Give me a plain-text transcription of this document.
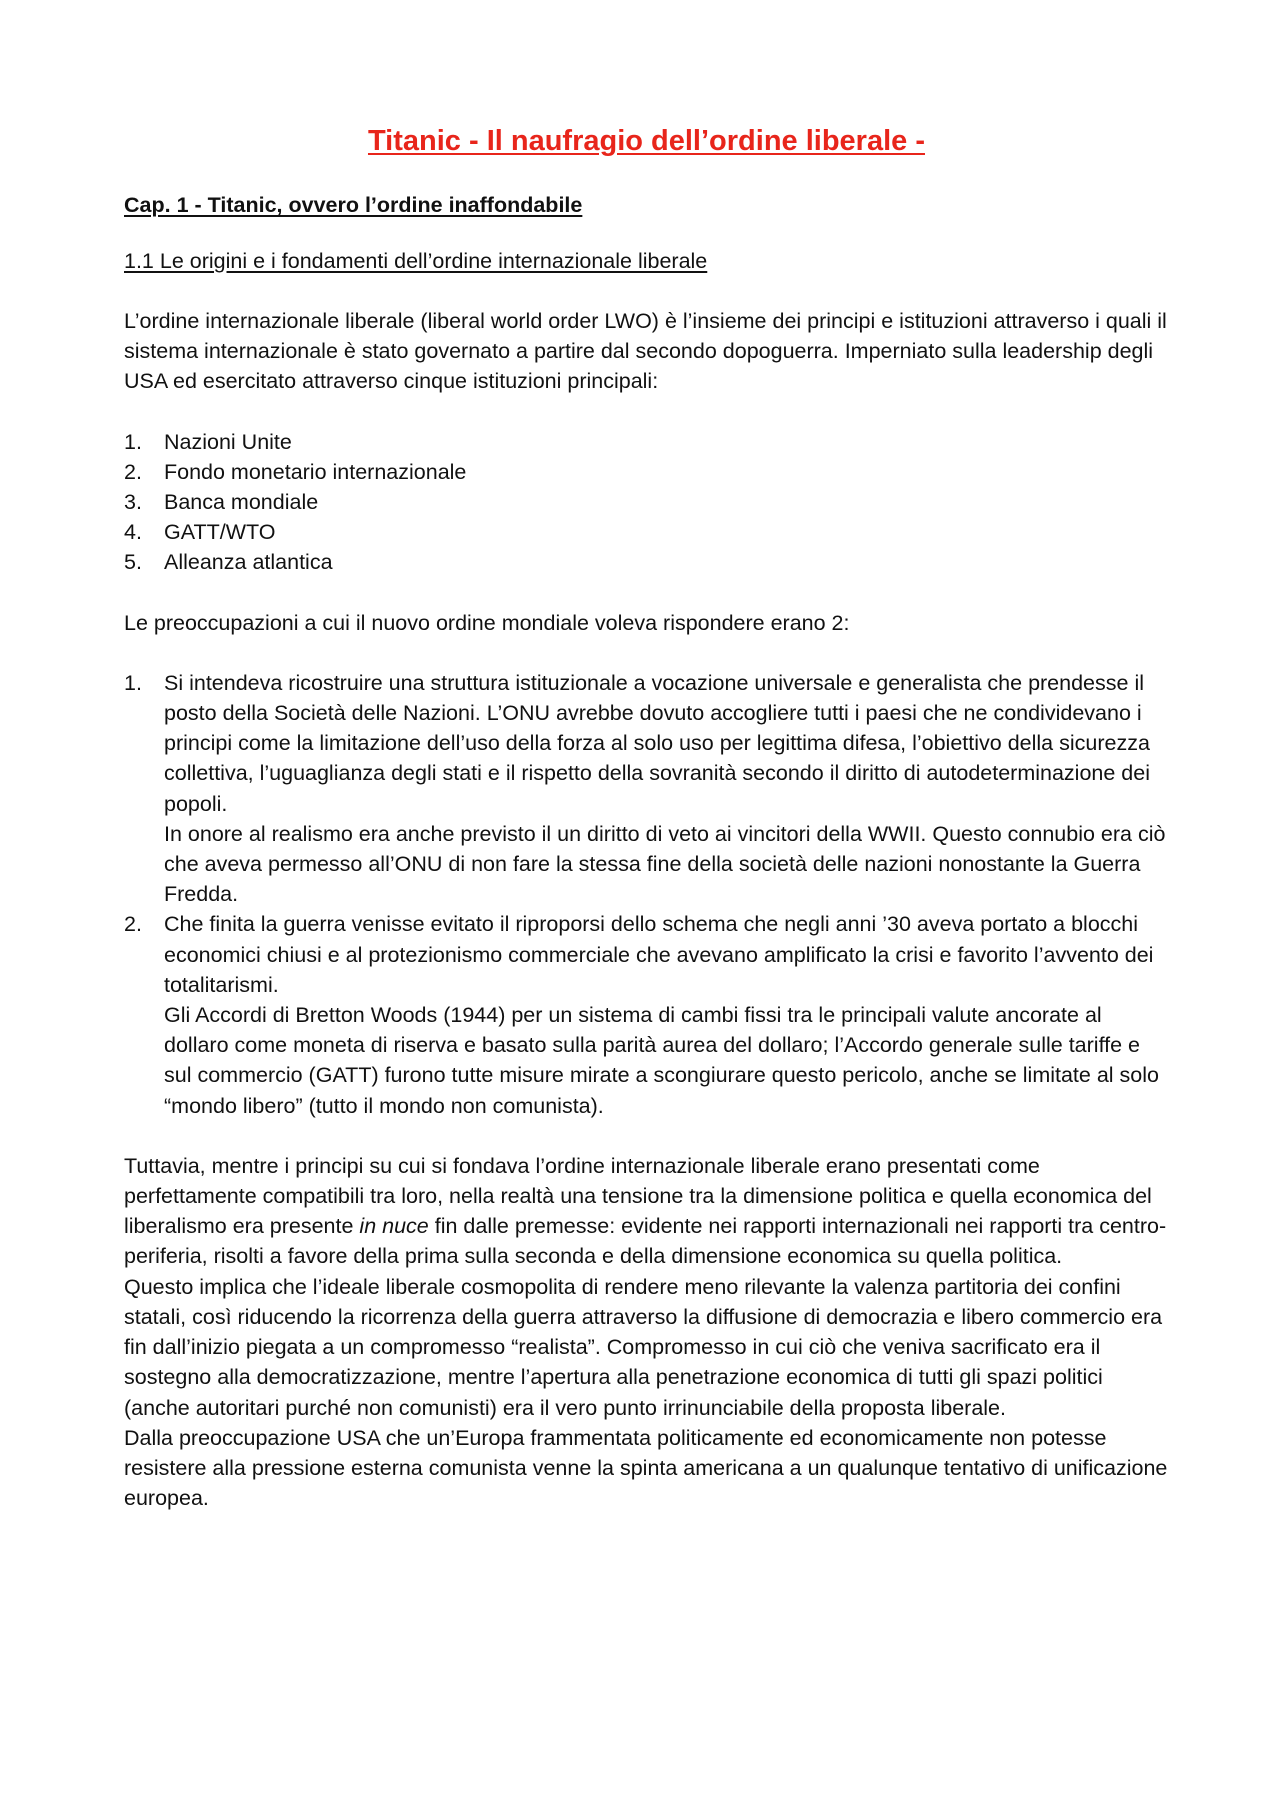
Titanic - Il naufragio dell’ordine liberale -
Cap. 1 - Titanic, ovvero l’ordine inaffondabile
1.1 Le origini e i fondamenti dell’ordine internazionale liberale

L’ordine internazionale liberale (liberal world order LWO) è l’insieme dei principi e istituzioni attraverso i quali il sistema internazionale è stato governato a partire dal secondo dopoguerra. Imperniato sulla leadership degli USA ed esercitato attraverso cinque istituzioni principali:

1. Nazioni Unite
2. Fondo monetario internazionale
3. Banca mondiale
4. GATT/WTO
5. Alleanza atlantica

Le preoccupazioni a cui il nuovo ordine mondiale voleva rispondere erano 2:

1. Si intendeva ricostruire una struttura istituzionale a vocazione universale e generalista che prendesse il posto della Società delle Nazioni. L’ONU avrebbe dovuto accogliere tutti i paesi che ne condividevano i principi come la limitazione dell’uso della forza al solo uso per legittima difesa, l’obiettivo della sicurezza collettiva, l’uguaglianza degli stati e il rispetto della sovranità secondo il diritto di autodeterminazione dei popoli.
In onore al realismo era anche previsto il un diritto di veto ai vincitori della WWII. Questo connubio era ciò che aveva permesso all’ONU di non fare la stessa fine della società delle nazioni nonostante la Guerra Fredda.
2. Che finita la guerra venisse evitato il riproporsi dello schema che negli anni ’30 aveva portato a blocchi economici chiusi e al protezionismo commerciale che avevano amplificato la crisi e favorito l’avvento dei totalitarismi.
Gli Accordi di Bretton Woods (1944) per un sistema di cambi fissi tra le principali valute ancorate al dollaro come moneta di riserva e basato sulla parità aurea del dollaro; l’Accordo generale sulle tariffe e sul commercio (GATT) furono tutte misure mirate a scongiurare questo pericolo, anche se limitate al solo “mondo libero” (tutto il mondo non comunista).

Tuttavia, mentre i principi su cui si fondava l’ordine internazionale liberale erano presentati come perfettamente compatibili tra loro, nella realtà una tensione tra la dimensione politica e quella economica del liberalismo era presente in nuce fin dalle premesse: evidente nei rapporti internazionali nei rapporti tra centro-periferia, risolti a favore della prima sulla seconda e della dimensione economica su quella politica.

Questo implica che l’ideale liberale cosmopolita di rendere meno rilevante la valenza partitoria dei confini statali, così riducendo la ricorrenza della guerra attraverso la diffusione di democrazia e libero commercio era fin dall’inizio piegata a un compromesso “realista”. Compromesso in cui ciò che veniva sacrificato era il sostegno alla democratizzazione, mentre l’apertura alla penetrazione economica di tutti gli spazi politici (anche autoritari purché non comunisti) era il vero punto irrinunciabile della proposta liberale.

Dalla preoccupazione USA che un’Europa frammentata politicamente ed economicamente non potesse resistere alla pressione esterna comunista venne la spinta americana a un qualunque tentativo di unificazione europea.
